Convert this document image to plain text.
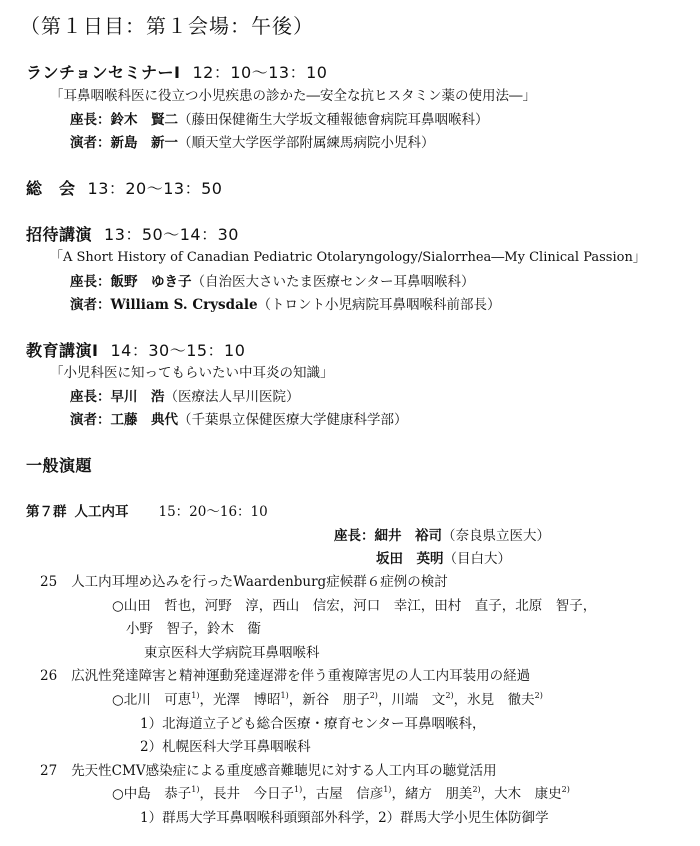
（第１日目：第１会場：午後）
ランチョンセミナーⅠ 12：10〜13：10
「耳鼻咽喉科医に役立つ小児疾患の診かた―安全な抗ヒスタミン薬の使用法―」
座長：鈴木　賢二（藤田保健衛生大学坂文種報徳會病院耳鼻咽喉科）
演者：新島　新一（順天堂大学医学部附属練馬病院小児科）
総　会 13：20〜13：50
招待講演 13：50〜14：30
「A Short History of Canadian Pediatric Otolaryngology/Sialorrhea―My Clinical Passion」
座長：飯野　ゆき子（自治医大さいたま医療センター耳鼻咽喉科）
演者：William S. Crysdale（トロント小児病院耳鼻咽喉科前部長）
教育講演Ⅰ 14：30〜15：10
「小児科医に知ってもらいたい中耳炎の知識」
座長：早川　浩（医療法人早川医院）
演者：工藤　典代（千葉県立保健医療大学健康科学部）
一般演題
第７群 人工内耳 15：20〜16：10
座長：細井　裕司（奈良県立医大）
坂田　英明（目白大）
25 人工内耳埋め込みを行ったWaardenburg症候群６症例の検討
○山田　哲也，河野　淳，西山　信宏，河口　幸江，田村　直子，北原　智子，
小野　智子，鈴木　衞
東京医科大学病院耳鼻咽喉科
26 広汎性発達障害と精神運動発達遅滞を伴う重複障害児の人工内耳装用の経過
○北川　可恵$^{1)}$，光澤　博昭$^{1)}$，新谷　朋子$^{2)}$，川端　文$^{2)}$，氷見　徹夫$^{2)}$
1）北海道立子ども総合医療・療育センター耳鼻咽喉科，
2）札幌医科大学耳鼻咽喉科
27 先天性CMV感染症による重度感音難聴児に対する人工内耳の聴覚活用
○中島　恭子$^{1)}$，長井　今日子$^{1)}$，古屋　信彦$^{1)}$，緒方　朋美$^{2)}$，大木　康史$^{2)}$
1）群馬大学耳鼻咽喉科頭頸部外科学，2）群馬大学小児生体防御学
